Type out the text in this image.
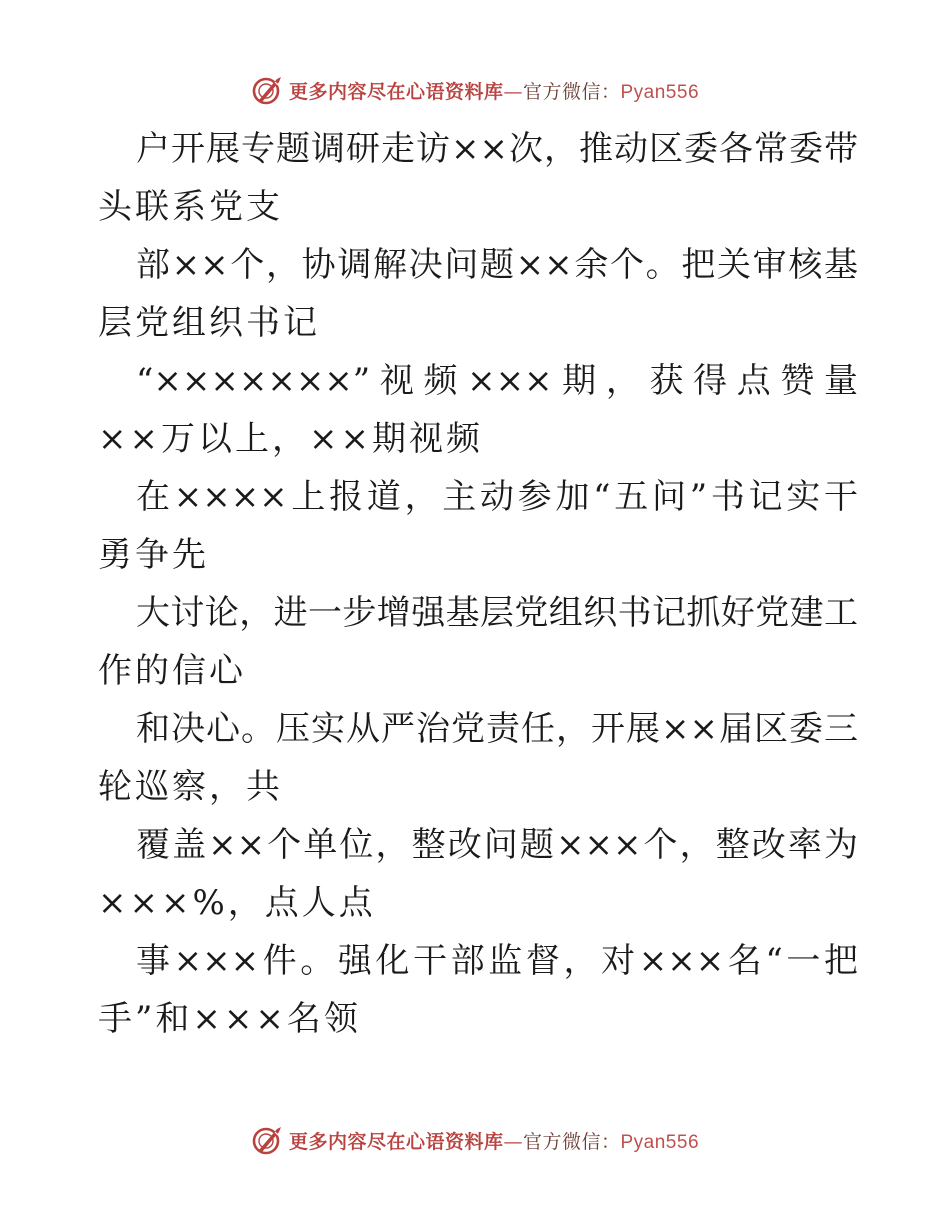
更多内容尽在心语资料库—官方微信：Pyan556
户开展专题调研走访××次，推动区委各常委带
头联系党支
部××个，协调解决问题××余个。把关审核基
层党组织书记
“×××××××”视频×××期，获得点赞量
××万以上，××期视频
在××××上报道，主动参加“五问”书记实干
勇争先
大讨论，进一步增强基层党组织书记抓好党建工
作的信心
和决心。压实从严治党责任，开展××届区委三
轮巡察，共
覆盖××个单位，整改问题×××个，整改率为
×××%，点人点
事×××件。强化干部监督，对×××名“一把
手”和×××名领
更多内容尽在心语资料库—官方微信：Pyan556
